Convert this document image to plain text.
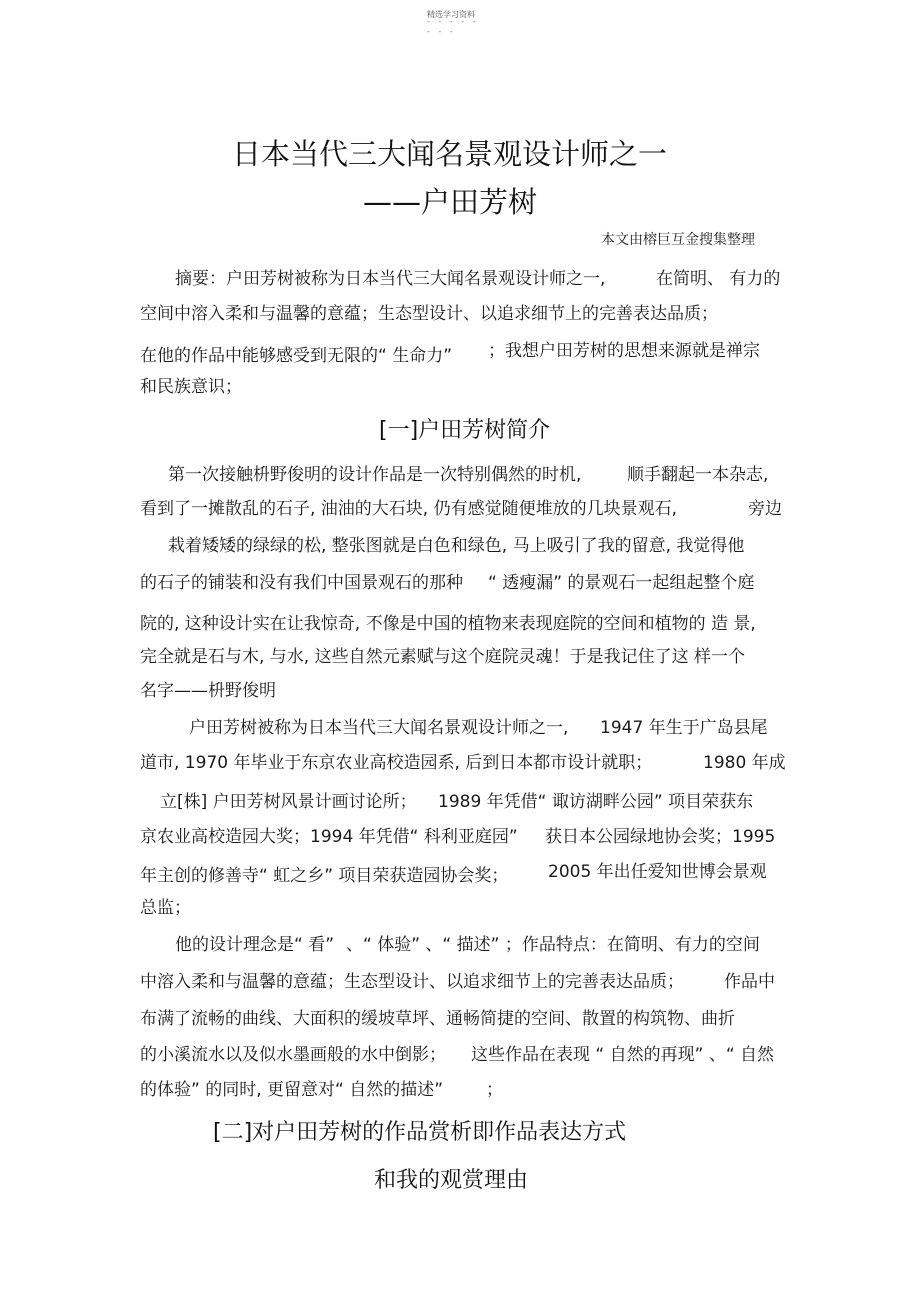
精选学习资料
- - - - -
- - -
日本当代三大闻名景观设计师之一
——户田芳树
本文由榕巨互金搜集整理
摘要：户田芳树被称为日本当代三大闻名景观设计师之一,	在简明、 有力的
空间中溶入柔和与温馨的意蕴；生态型设计、以追求细节上的完善表达品质；
在他的作品中能够感受到无限的“ 生命力” ；我想户田芳树的思想来源就是禅宗
和民族意识；
[一]户田芳树简介
第一次接触枡野俊明的设计作品是一次特别偶然的时机,	顺手翻起一本杂志,
看到了一摊散乱的石子, 油油的大石块, 仍有感觉随便堆放的几块景观石,	旁边
栽着矮矮的绿绿的松, 整张图就是白色和绿色, 马上吸引了我的留意, 我觉得他
的石子的铺装和没有我们中国景观石的那种 “ 透瘦漏” 的景观石一起组起整个庭
院的, 这种设计实在让我惊奇, 不像是中国的植物来表现庭院的空间和植物的 造 景,
完全就是石与木, 与水, 这些自然元素赋与这个庭院灵魂！于是我记住了这 样一个
名字——枡野俊明
户田芳树被称为日本当代三大闻名景观设计师之一, 1947 年生于广岛县尾
道市, 1970 年毕业于东京农业高校造园系, 后到日本都市设计就职；	1980 年成
立[株] 户田芳树风景计画讨论所； 1989 年凭借“ 诹访湖畔公园” 项目荣获东
京农业高校造园大奖；1994 年凭借“ 科利亚庭园” 获日本公园绿地协会奖；1995
年主创的修善寺“ 虹之乡” 项目荣获造园协会奖； 2005 年出任爱知世博会景观
总监；
他的设计理念是“ 看” 、“ 体验” 、“ 描述” ；作品特点：在简明、有力的空间
中溶入柔和与温馨的意蕴；生态型设计、以追求细节上的完善表达品质； 作品中
布满了流畅的曲线、大面积的缓坡草坪、通畅简捷的空间、散置的构筑物、曲折
的小溪流水以及似水墨画般的水中倒影； 这些作品在表现 “ 自然的再现” 、“ 自然
的体验” 的同时, 更留意对“ 自然的描述”	；
[二]对户田芳树的作品赏析即作品表达方式
和我的观赏理由
